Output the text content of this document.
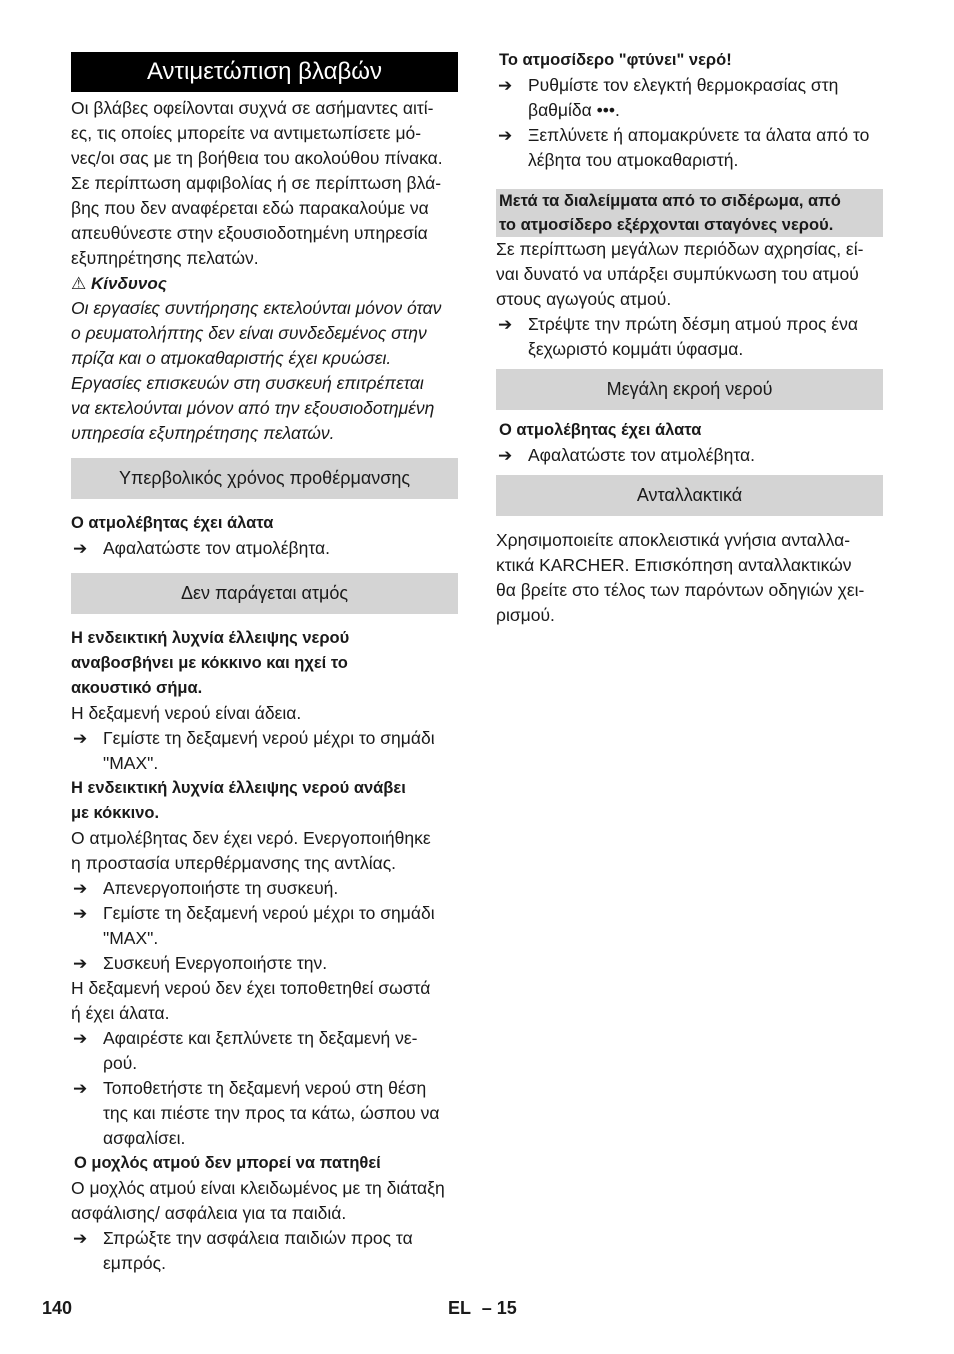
Αντιμετώπιση βλαβών

Οι βλάβες οφείλονται συχνά σε ασήμαντες αιτί-

ες, τις οποίες μπορείτε να αντιμετωπίσετε μό-

νες/οι σας με τη βοήθεια του ακολούθου πίνακα.

Σε περίπτωση αμφιβολίας ή σε περίπτωση βλά-

βης που δεν αναφέρεται εδώ παρακαλούμε να

απευθύνεστε στην εξουσιοδοτημένη υπηρεσία

εξυπηρέτησης πελατών.

⚠ Κίνδυνος

Οι εργασίες συντήρησης εκτελούνται μόνον όταν

ο ρευματολήπτης δεν είναι συνδεδεμένος στην

πρίζα και ο ατμοκαθαριστής έχει κρυώσει.

Εργασίες επισκευών στη συσκευή επιτρέπεται

να εκτελούνται μόνον από την εξουσιοδοτημένη

υπηρεσία εξυπηρέτησης πελατών.

Υπερβολικός χρόνος προθέρμανσης
Ο ατμολέβητας έχει άλατα
➔ Αφαλατώστε τον ατμολέβητα.
Δεν παράγεται ατμός

Η ενδεικτική λυχνία έλλειψης νερού

αναβοσβήνει με κόκκινο και ηχεί το

ακουστικό σήμα.

Η δεξαμενή νερού είναι άδεια.

➔ Γεμίστε τη δεξαμενή νερού μέχρι το σημάδι

"MAX".

Η ενδεικτική λυχνία έλλειψης νερού ανάβει

με κόκκινο.

Ο ατμολέβητας δεν έχει νερό. Ενεργοποιήθηκε

η προστασία υπερθέρμανσης της αντλίας.

➔ Απενεργοποιήστε τη συσκευή.
➔ Γεμίστε τη δεξαμενή νερού μέχρι το σημάδι

"MAX".

➔ Συσκευή Ενεργοποιήστε την.

Η δεξαμενή νερού δεν έχει τοποθετηθεί σωστά

ή έχει άλατα.

➔ Αφαιρέστε και ξεπλύνετε τη δεξαμενή νε-

ρού.

➔ Τοποθετήστε τη δεξαμενή νερού στη θέση

της και πιέστε την προς τα κάτω, ώσπου να

ασφαλίσει.

Ο μοχλός ατμού δεν μπορεί να πατηθεί

Ο μοχλός ατμού είναι κλειδωμένος με τη διάταξη

ασφάλισης/ ασφάλεια για τα παιδιά.

➔ Σπρώξτε την ασφάλεια παιδιών προς τα

εμπρός.

Το ατμοσίδερο "φτύνει" νερό!
➔ Ρυθμίστε τον ελεγκτή θερμοκρασίας στη

βαθμίδα •••.

➔ Ξεπλύνετε ή απομακρύνετε τα άλατα από το

λέβητα του ατμοκαθαριστή.

Μετά τα διαλείμματα από το σιδέρωμα, από

το ατμοσίδερο εξέρχονται σταγόνες νερού.

Σε περίπτωση μεγάλων περιόδων αχρησίας, εί-

ναι δυνατό να υπάρξει συμπύκνωση του ατμού

στους αγωγούς ατμού.

➔ Στρέψτε την πρώτη δέσμη ατμού προς ένα

ξεχωριστό κομμάτι ύφασμα.

Μεγάλη εκροή νερού
Ο ατμολέβητας έχει άλατα
➔ Αφαλατώστε τον ατμολέβητα.
Ανταλλακτικά

Χρησιμοποιείτε αποκλειστικά γνήσια ανταλλα-

κτικά KARCHER. Επισκόπηση ανταλλακτικών

θα βρείτε στο τέλος των παρόντων οδηγιών χει-

ρισμού.

140	EL – 15
